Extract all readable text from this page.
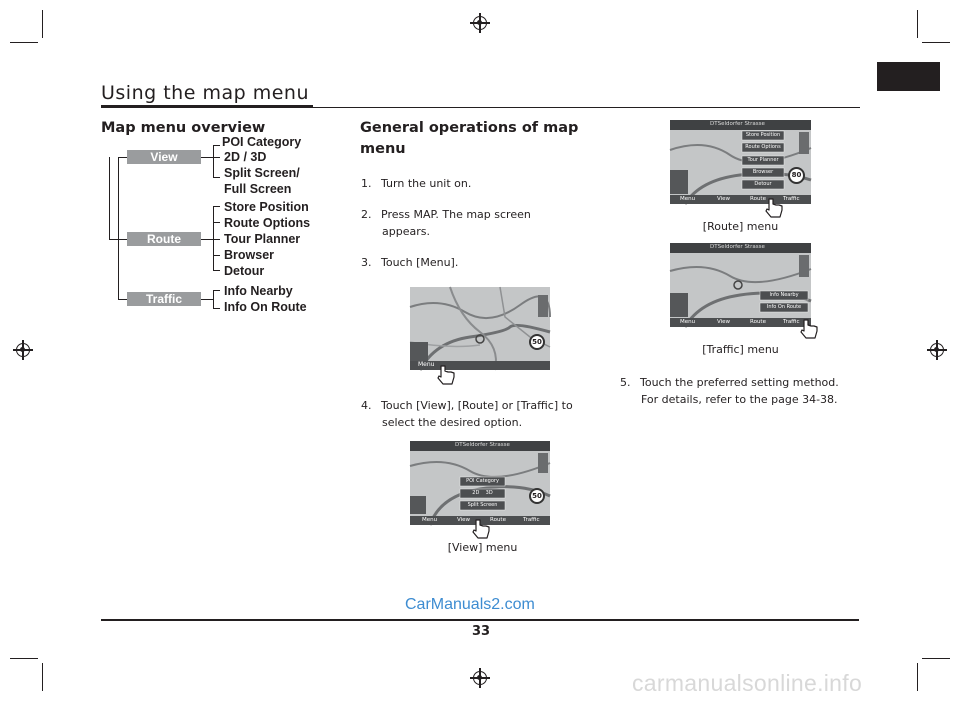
Using the map menu
Map menu overview
View
Route
Traffic
POI Category
2D / 3D
Split Screen/
Full Screen
Store Position
Route Options
Tour Planner
Browser
Detour
Info Nearby
Info On Route
General operations of map
menu
1. Turn the unit on.
2. Press MAP. The map screen
appears.
3. Touch [Menu].
Menu
50
4. Touch [View], [Route] or [Traffic] to
select the desired option.
DTSeldorfer Strasse
POI Category
2D    3D
Split Screen
Menu	View	Route	Traffic
50
[View] menu
DTSeldorfer Strasse
Store Position
Route Options
Tour Planner
Browser
Detour
Menu	View	Route	Traffic
80
[Route] menu
DTSeldorfer Strasse
Info Nearby
Info On Route
Menu	View	Route	Traffic
[Traffic] menu
5. Touch the preferred setting method.
For details, refer to the page 34-38.
CarManuals2.com
33
carmanualsonline.info
